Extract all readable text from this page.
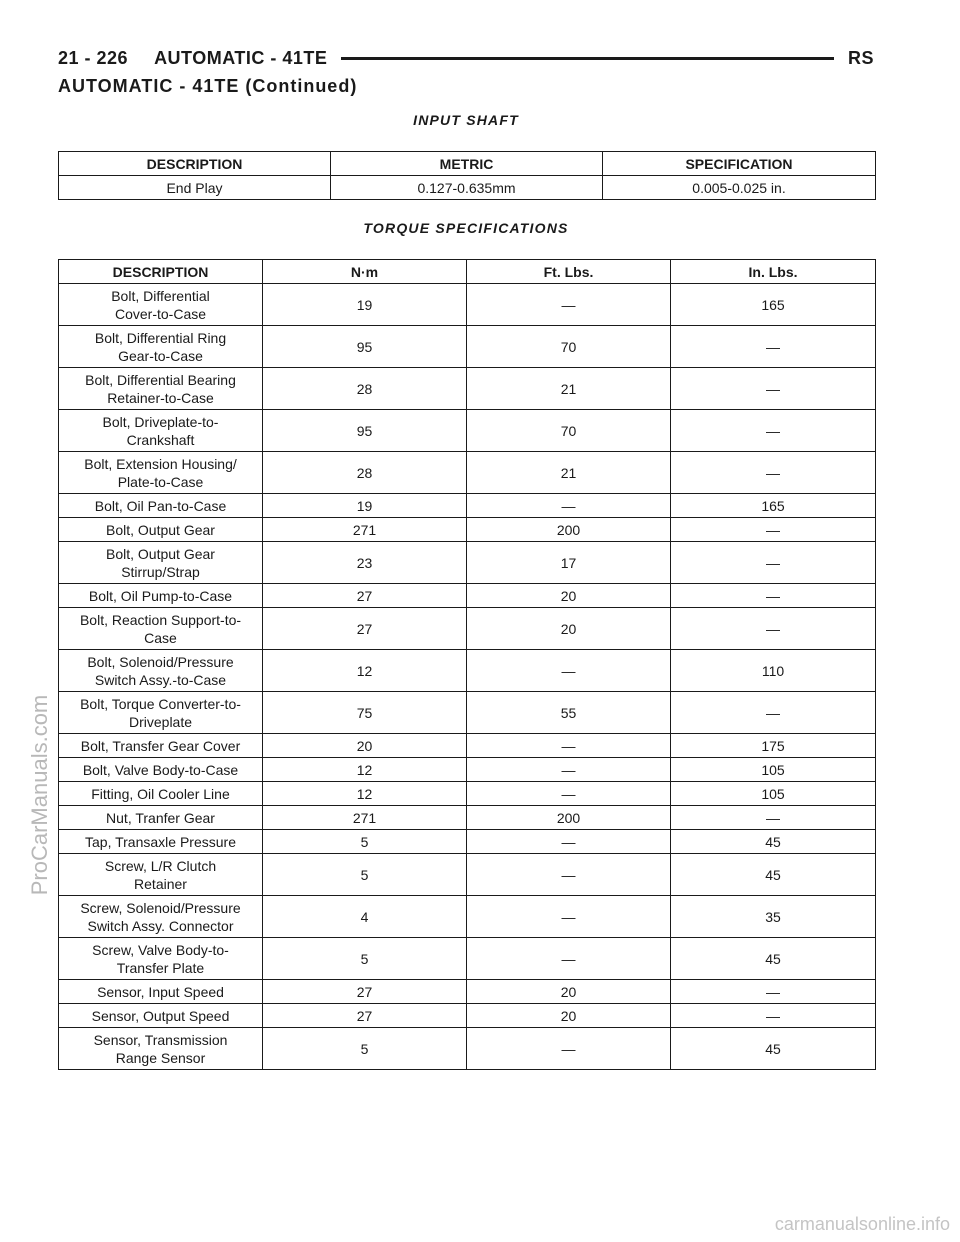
21 - 226 AUTOMATIC - 41TE	RS
AUTOMATIC - 41TE (Continued)
INPUT SHAFT
DESCRIPTION	METRIC	SPECIFICATION
End Play	0.127-0.635mm	0.005-0.025 in.
TORQUE SPECIFICATIONS
DESCRIPTION	N·m	Ft. Lbs.	In. Lbs.
Bolt, Differential
Cover-to-Case	19	—	165
Bolt, Differential Ring
Gear-to-Case	95	70	—
Bolt, Differential Bearing
Retainer-to-Case	28	21	—
Bolt, Driveplate-to-
Crankshaft	95	70	—
Bolt, Extension Housing/
Plate-to-Case	28	21	—
Bolt, Oil Pan-to-Case	19	—	165
Bolt, Output Gear	271	200	—
Bolt, Output Gear
Stirrup/Strap	23	17	—
Bolt, Oil Pump-to-Case	27	20	—
Bolt, Reaction Support-to-
Case	27	20	—
Bolt, Solenoid/Pressure
Switch Assy.-to-Case	12	—	110
Bolt, Torque Converter-to-
Driveplate	75	55	—
Bolt, Transfer Gear Cover	20	—	175
Bolt, Valve Body-to-Case	12	—	105
Fitting, Oil Cooler Line	12	—	105
Nut, Tranfer Gear	271	200	—
Tap, Transaxle Pressure	5	—	45
Screw, L/R Clutch
Retainer	5	—	45
Screw, Solenoid/Pressure
Switch Assy. Connector	4	—	35
Screw, Valve Body-to-
Transfer Plate	5	—	45
Sensor, Input Speed	27	20	—
Sensor, Output Speed	27	20	—
Sensor, Transmission
Range Sensor	5	—	45
ProCarManuals.com
carmanualsonline.info
